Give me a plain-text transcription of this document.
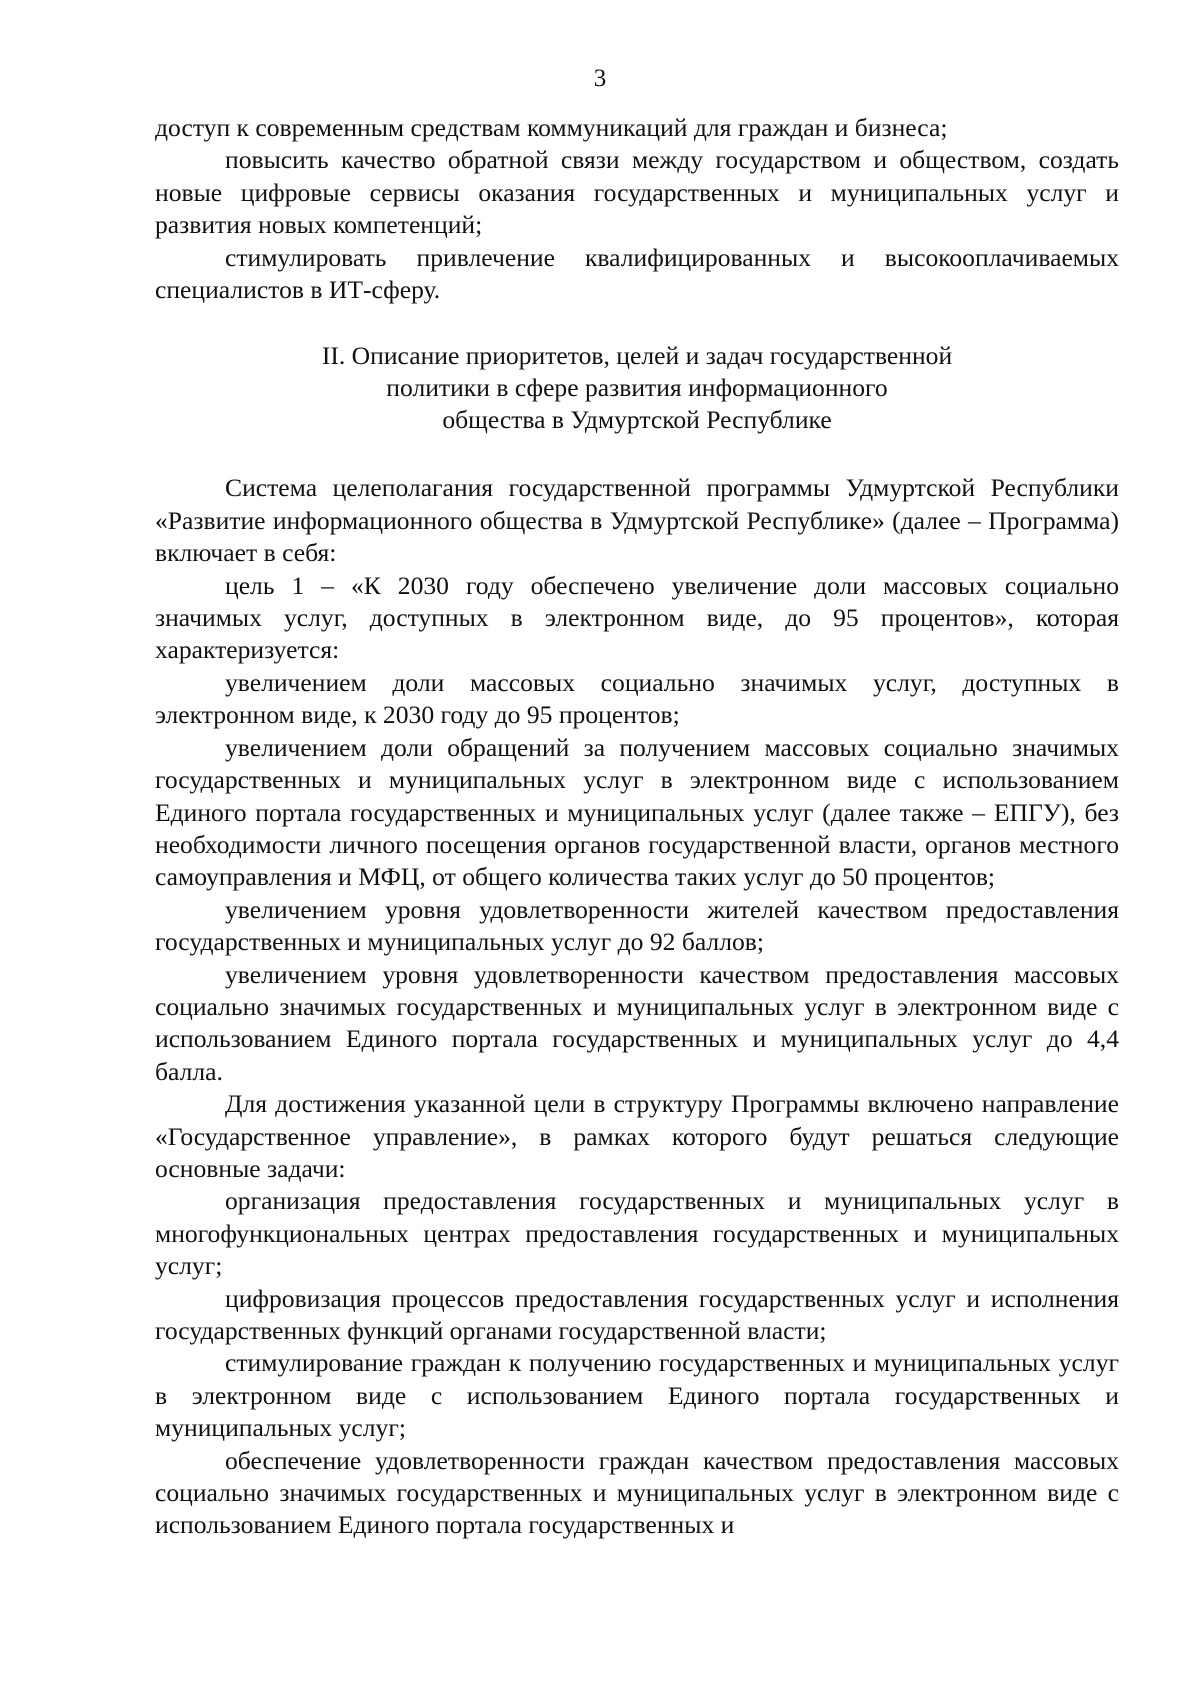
3

доступ к современным средствам коммуникаций для граждан и бизнеса;

повысить качество обратной связи между государством и обществом, создать новые цифровые сервисы оказания государственных и муниципальных услуг и развития новых компетенций;

стимулировать привлечение квалифицированных и высокооплачиваемых специалистов в ИТ-сферу.

II. Описание приоритетов, целей и задач государственной
политики в сфере развития информационного
общества в Удмуртской Республике

Система целеполагания государственной программы Удмуртской Республики «Развитие информационного общества в Удмуртской Республике» (далее – Программа) включает в себя:

цель 1 – «К 2030 году обеспечено увеличение доли массовых социально значимых услуг, доступных в электронном виде, до 95 процентов», которая характеризуется:

увеличением доли массовых социально значимых услуг, доступных в электронном виде, к 2030 году до 95 процентов;

увеличением доли обращений за получением массовых социально значимых государственных и муниципальных услуг в электронном виде с использованием Единого портала государственных и муниципальных услуг (далее также – ЕПГУ), без необходимости личного посещения органов государственной власти, органов местного самоуправления и МФЦ, от общего количества таких услуг до 50 процентов;

увеличением уровня удовлетворенности жителей качеством предоставления государственных и муниципальных услуг до 92 баллов;

увеличением уровня удовлетворенности качеством предоставления массовых социально значимых государственных и муниципальных услуг в электронном виде с использованием Единого портала государственных и муниципальных услуг до 4,4 балла.

Для достижения указанной цели в структуру Программы включено направление «Государственное управление», в рамках которого будут решаться следующие основные задачи:

организация предоставления государственных и муниципальных услуг в многофункциональных центрах предоставления государственных и муниципальных услуг;

цифровизация процессов предоставления государственных услуг и исполнения государственных функций органами государственной власти;

стимулирование граждан к получению государственных и муниципальных услуг в электронном виде с использованием Единого портала государственных и муниципальных услуг;

обеспечение удовлетворенности граждан качеством предоставления массовых социально значимых государственных и муниципальных услуг в электронном виде с использованием Единого портала государственных и
